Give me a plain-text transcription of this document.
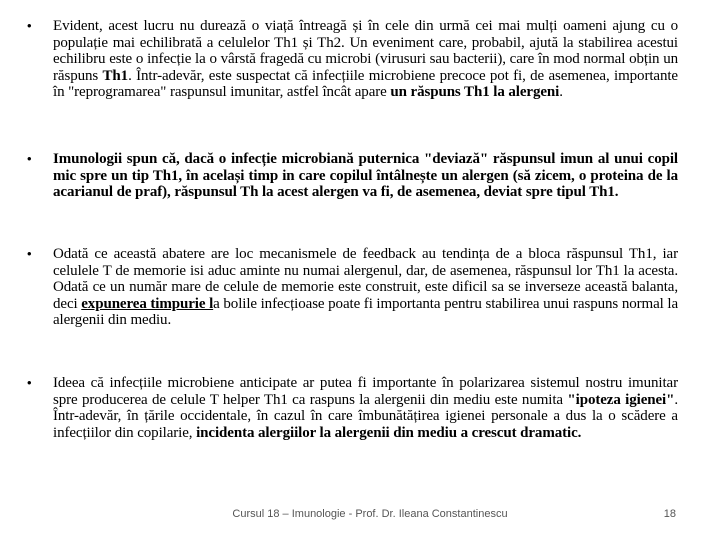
• Evident, acest lucru nu durează o viață întreagă și în cele din urmă cei mai mulți oameni ajung cu o populație mai echilibrată a celulelor Th1 și Th2. Un eveniment care, probabil, ajută la stabilirea acestui echilibru este o infecție la o vârstă fragedă cu microbi (virusuri sau bacterii), care în mod normal obțin un răspuns Th1. Într-adevăr, este suspectat că infecțiile microbiene precoce pot fi, de asemenea, importante în "reprogramarea" raspunsul imunitar, astfel încât apare un răspuns Th1 la alergeni.
• Imunologii spun că, dacă o infecție microbiană puternica "deviază" răspunsul imun al unui copil mic spre un tip Th1, în același timp in care copilul întâlnește un alergen (să zicem, o proteina de la acarianul de praf), răspunsul Th la acest alergen va fi, de asemenea, deviat spre tipul Th1.
• Odată ce această abatere are loc mecanismele de feedback au tendința de a bloca răspunsul Th1, iar celulele T de memorie isi aduc aminte nu numai alergenul, dar, de asemenea, răspunsul lor Th1 la acesta. Odată ce un număr mare de celule de memorie este construit, este dificil sa se inverseze această balanta, deci expunerea timpurie la bolile infecțioase poate fi importanta pentru stabilirea unui raspuns normal la alergenii din mediu.
• Ideea că infecțiile microbiene anticipate ar putea fi importante în polarizarea sistemul nostru imunitar spre producerea de celule T helper Th1 ca raspuns la alergenii din mediu este numita "ipoteza igienei". Într-adevăr, în țările occidentale, în cazul în care îmbunătățirea igienei personale a dus la o scădere a infecțiilor din copilarie, incidenta alergiilor la alergenii din mediu a crescut dramatic.
Cursul 18 – Imunologie - Prof. Dr. Ileana Constantinescu	18
